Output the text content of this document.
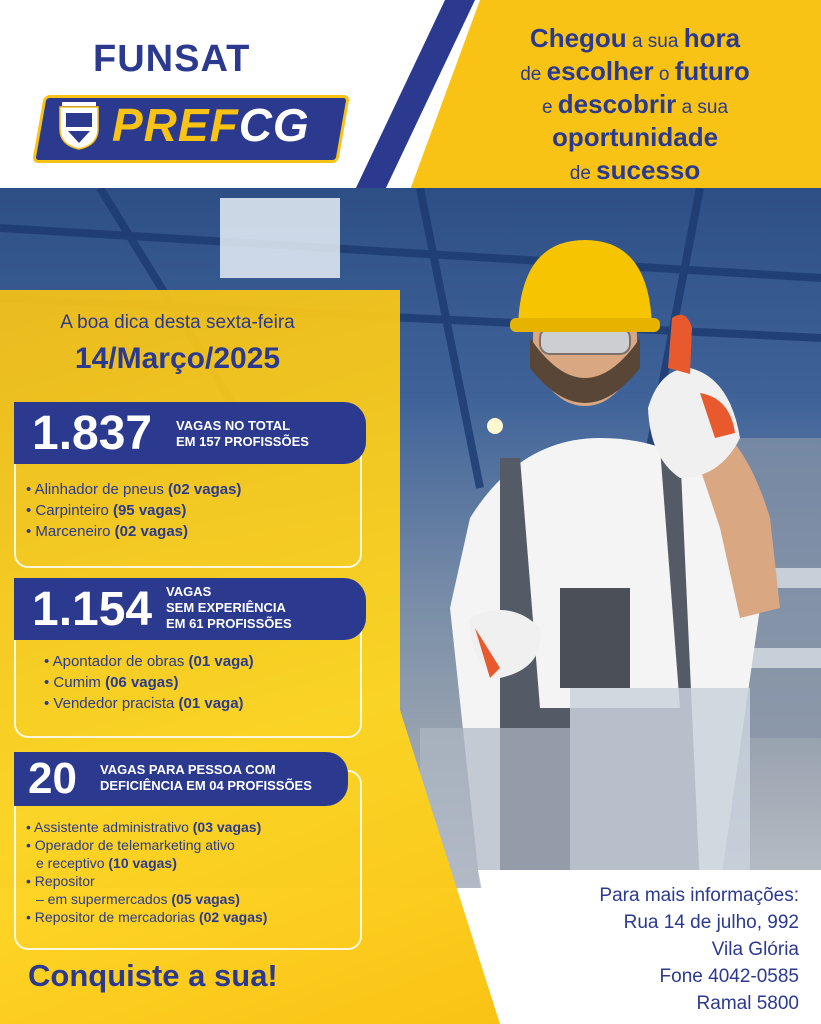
FUNSAT
PREFCG
Chegou a sua hora
de escolher o futuro
e descobrir a sua
oportunidade
de sucesso
A boa dica desta sexta-feira
14/Março/2025
1.837 VAGAS NO TOTAL
EM 157 PROFISSÕES
• Alinhador de pneus (02 vagas)
• Carpinteiro (95 vagas)
• Marceneiro (02 vagas)
1.154 VAGAS
SEM EXPERIÊNCIA
EM 61 PROFISSÕES
• Apontador de obras (01 vaga)
• Cumim (06 vagas)
• Vendedor pracista (01 vaga)
20 VAGAS PARA PESSOA COM
DEFICIÊNCIA EM 04 PROFISSÕES
• Assistente administrativo (03 vagas)
• Operador de telemarketing ativo
e receptivo (10 vagas)
• Repositor
– em supermercados (05 vagas)
• Repositor de mercadorias (02 vagas)
Conquiste a sua!
Para mais informações:
Rua 14 de julho, 992
Vila Glória
Fone 4042-0585
Ramal 5800
